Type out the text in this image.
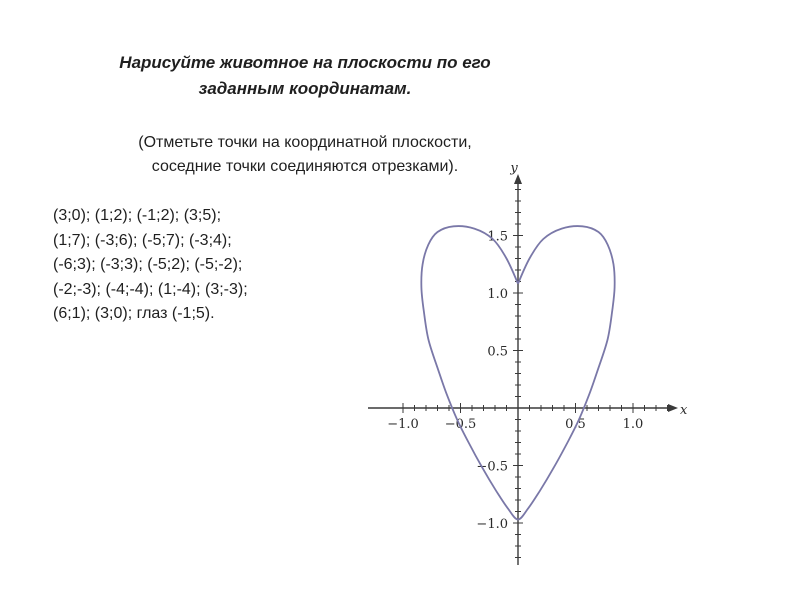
Нарисуйте животное на плоскости по его
заданным координатам.
(Отметьте точки на координатной плоскости,
соседние точки соединяются отрезками).
(3;0); (1;2); (-1;2); (3;5);
(1;7); (-3;6); (-5;7); (-3;4);
(-6;3); (-3;3); (-5;2); (-5;-2);
(-2;-3); (-4;-4); (1;-4); (3;-3);
(6;1); (3;0); глаз (-1;5).
−1.0 −0.5	0.5	1.0
−1.0
−0.5
0.5
1.0
1.5
x
y
